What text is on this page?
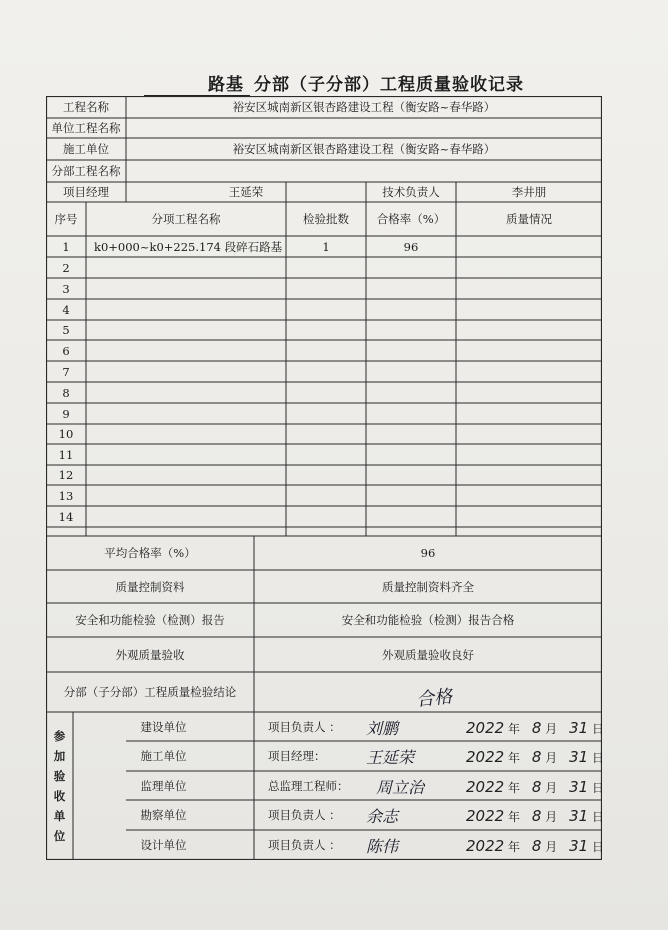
路基 分部（子分部）工程质量验收记录
工程名称	裕安区城南新区银杏路建设工程（衡安路~春华路）
单位工程名称
施工单位	裕安区城南新区银杏路建设工程（衡安路~春华路）
分部工程名称
项目经理	王延荣	技术负责人	李井朋
序号	分项工程名称	检验批数	合格率（%）	质量情况
1	k0+000~k0+225.174 段碎石路基	1	96
2
3
4
5
6
7
8
9
10
11
12
13
14
平均合格率（%）	96
质量控制资料	质量控制资料齐全
安全和功能检验（检测）报告	安全和功能检验（检测）报告合格
外观质量验收	外观质量验收良好
分部（子分部）工程质量检验结论	合格
参
加
验
收
单
位
建设单位	项目负责人 ：	刘鹏	2022 年 8 月 31 日
施工单位	项目经理：	王延荣	2022 年 8 月 31 日
监理单位	总监理工程师：	周立治	2022 年 8 月 31 日
勘察单位	项目负责人 ：	余志	2022 年 8 月 31 日
设计单位	项目负责人 ：	陈伟	2022 年 8 月 31 日
